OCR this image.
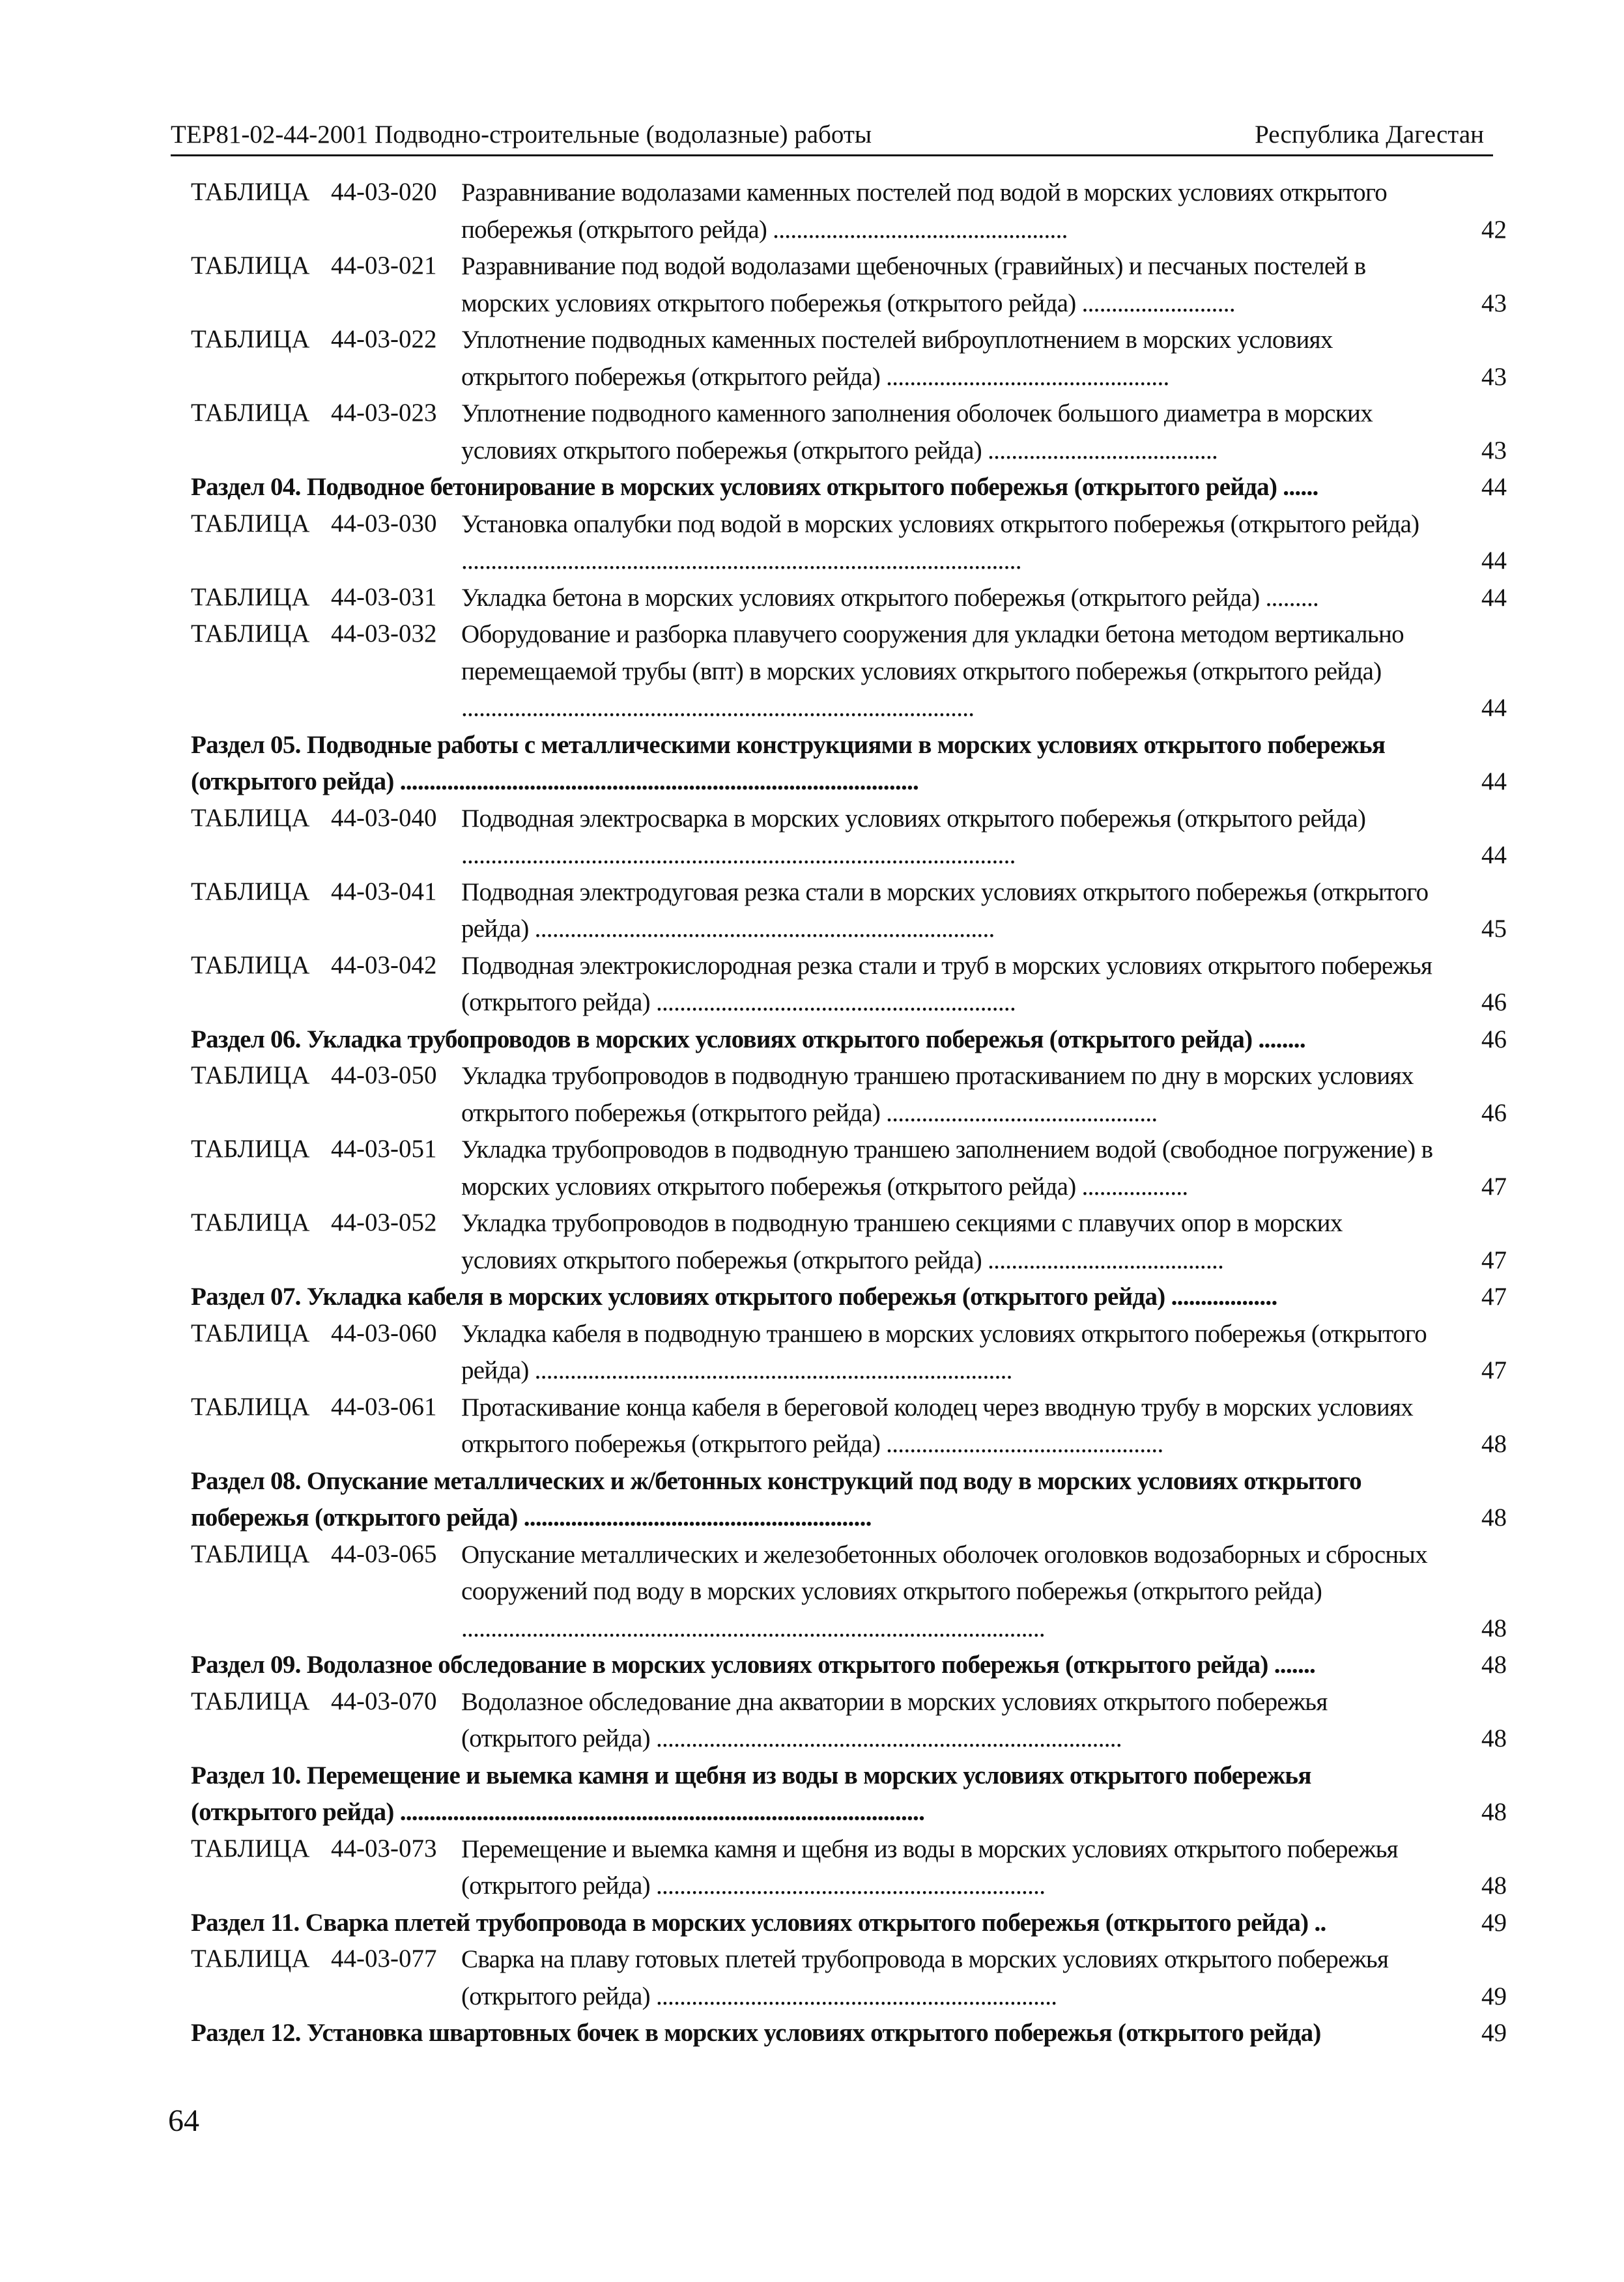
ТЕР81-02-44-2001 Подводно-строительные (водолазные) работы	Республика Дагестан
ТАБЛИЦА 44-03-020 Разравнивание водолазами каменных постелей под водой в морских условиях открытого побережья (открытого рейда) ..................................................	42
ТАБЛИЦА 44-03-021 Разравнивание под водой водолазами щебеночных (гравийных) и песчаных постелей в морских условиях открытого побережья (открытого рейда) ..........................	43
ТАБЛИЦА 44-03-022 Уплотнение подводных каменных постелей виброуплотнением в морских условиях открытого побережья (открытого рейда) ................................................	43
ТАБЛИЦА 44-03-023 Уплотнение подводного каменного заполнения оболочек большого диаметра в морских условиях открытого побережья (открытого рейда) .......................................	43
Раздел 04. Подводное бетонирование в морских условиях открытого побережья (открытого рейда) ......	44
ТАБЛИЦА 44-03-030 Установка опалубки под водой в морских условиях открытого побережья (открытого рейда) ...............................................................................................	44
ТАБЛИЦА 44-03-031 Укладка бетона в морских условиях открытого побережья (открытого рейда) .........	44
ТАБЛИЦА 44-03-032 Оборудование и разборка плавучего сооружения для укладки бетона методом вертикально перемещаемой трубы (впт) в морских условиях открытого побережья (открытого рейда) .......................................................................................	44
Раздел 05. Подводные работы с металлическими конструкциями в морских условиях открытого побережья (открытого рейда) ........................................................................................	44
ТАБЛИЦА 44-03-040 Подводная электросварка в морских условиях открытого побережья (открытого рейда) ..............................................................................................	44
ТАБЛИЦА 44-03-041 Подводная электродуговая резка стали в морских условиях открытого побережья (открытого рейда) ..............................................................................	45
ТАБЛИЦА 44-03-042 Подводная электрокислородная резка стали и труб в морских условиях открытого побережья (открытого рейда) .............................................................	46
Раздел 06. Укладка трубопроводов в морских условиях открытого побережья (открытого рейда) ........	46
ТАБЛИЦА 44-03-050 Укладка трубопроводов в подводную траншею протаскиванием по дну в морских условиях открытого побережья (открытого рейда) ..............................................	46
ТАБЛИЦА 44-03-051 Укладка трубопроводов в подводную траншею заполнением водой (свободное погружение) в морских условиях открытого побережья (открытого рейда) ..................	47
ТАБЛИЦА 44-03-052 Укладка трубопроводов в подводную траншею секциями с плавучих опор в морских условиях открытого побережья (открытого рейда) ........................................	47
Раздел 07. Укладка кабеля в морских условиях открытого побережья (открытого рейда) ..................	47
ТАБЛИЦА 44-03-060 Укладка кабеля в подводную траншею в морских условиях открытого побережья (открытого рейда) .................................................................................	47
ТАБЛИЦА 44-03-061 Протаскивание конца кабеля в береговой колодец через вводную трубу в морских условиях открытого побережья (открытого рейда) ...............................................	48
Раздел 08. Опускание металлических и ж/бетонных конструкций под воду в морских условиях открытого побережья (открытого рейда) ...........................................................	48
ТАБЛИЦА 44-03-065 Опускание металлических и железобетонных оболочек оголовков водозаборных и сбросных сооружений под воду в морских условиях открытого побережья (открытого рейда) ...................................................................................................	48
Раздел 09. Водолазное обследование в морских условиях открытого побережья (открытого рейда) .......	48
ТАБЛИЦА 44-03-070 Водолазное обследование дна акватории в морских условиях открытого побережья (открытого рейда) ...............................................................................	48
Раздел 10. Перемещение и выемка камня и щебня из воды в морских условиях открытого побережья (открытого рейда) .........................................................................................	48
ТАБЛИЦА 44-03-073 Перемещение и выемка камня и щебня из воды в морских условиях открытого побережья (открытого рейда) ..................................................................	48
Раздел 11. Сварка плетей трубопровода в морских условиях открытого побережья (открытого рейда) ..	49
ТАБЛИЦА 44-03-077 Сварка на плаву готовых плетей трубопровода в морских условиях открытого побережья (открытого рейда) ....................................................................	49
Раздел 12. Установка швартовных бочек в морских условиях открытого побережья (открытого рейда)	49
64
